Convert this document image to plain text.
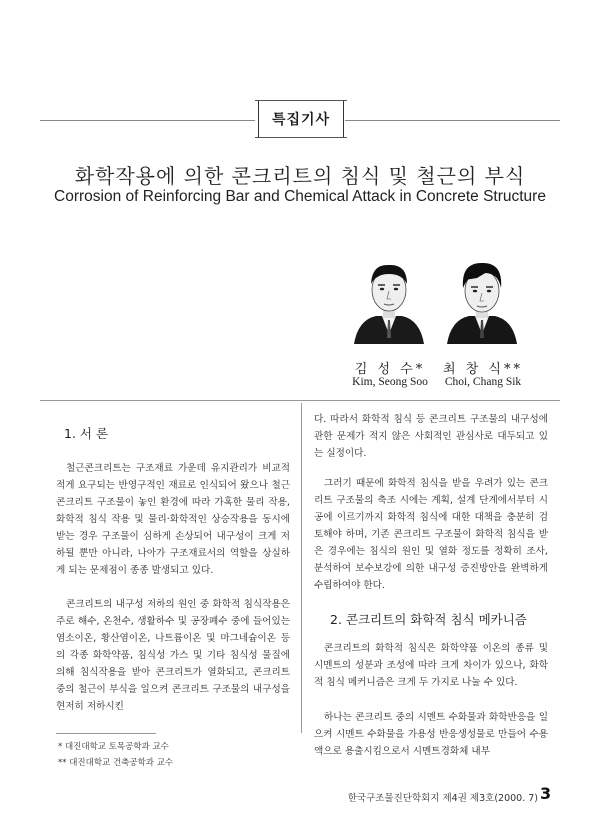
특집기사
화학작용에 의한 콘크리트의 침식 및 철근의 부식
Corrosion of Reinforcing Bar and Chemical Attack in Concrete Structure
김 성 수*	최 창 식**
Kim, Seong Soo	Choi, Chang Sik
1. 서 론
철근콘크리트는 구조재료 가운데 유지관리가 비교적 적게 요구되는 반영구적인 재료로 인식되어 왔으나 철근콘크리트 구조물이 놓인 환경에 따라 가혹한 물리 작용, 화학적 침식 작용 및 물리·화학적인 상승작용을 동시에 받는 경우 구조물이 심하게 손상되어 내구성이 크게 저하될 뿐만 아니라, 나아가 구조재료서의 역할을 상실하게 되는 문제점이 종종 발생되고 있다.
콘크리트의 내구성 저하의 원인 중 화학적 침식작용은 주로 해수, 온천수, 생활하수 및 공장폐수 중에 들어있는 염소이온, 황산염이온, 나트륨이온 및 마그네슘이온 등의 각종 화학약품, 침식성 가스 및 기타 침식성 물질에 의해 침식작용을 받아 콘크리트가 열화되고, 콘크리트 중의 철근이 부식을 일으켜 콘크리트 구조물의 내구성을 현저히 저하시킨
다. 따라서 화학적 침식 등 콘크리트 구조물의 내구성에 관한 문제가 적지 않은 사회적인 관심사로 대두되고 있는 실정이다.
그러기 때문에 화학적 침식을 받을 우려가 있는 콘크리트 구조물의 축조 시에는 계획, 설계 단계에서부터 시공에 이르기까지 화학적 침식에 대한 대책을 충분히 검토해야 하며, 기존 콘크리트 구조물이 화학적 침식을 받은 경우에는 침식의 원인 및 열화 정도를 정확히 조사, 분석하여 보수보강에 의한 내구성 증진방안을 완벽하게 수립하여야 한다.
2. 콘크리트의 화학적 침식 메카니즘
콘크리트의 화학적 침식은 화학약품 이온의 종류 및 시멘트의 성분과 조성에 따라 크게 차이가 있으나, 화학적 침식 메커니즘은 크게 두 가지로 나눌 수 있다.
하나는 콘크리트 중의 시멘트 수화물과 화학반응을 일으켜 시멘트 수화물을 가용성 반응생성물로 만들어 수용액으로 용출시킴으로서 시멘트경화체 내부
* 대진대학교 토목공학과 교수
** 대진대학교 건축공학과 교수
한국구조물진단학회지 제4권 제3호(2000. 7) 3
